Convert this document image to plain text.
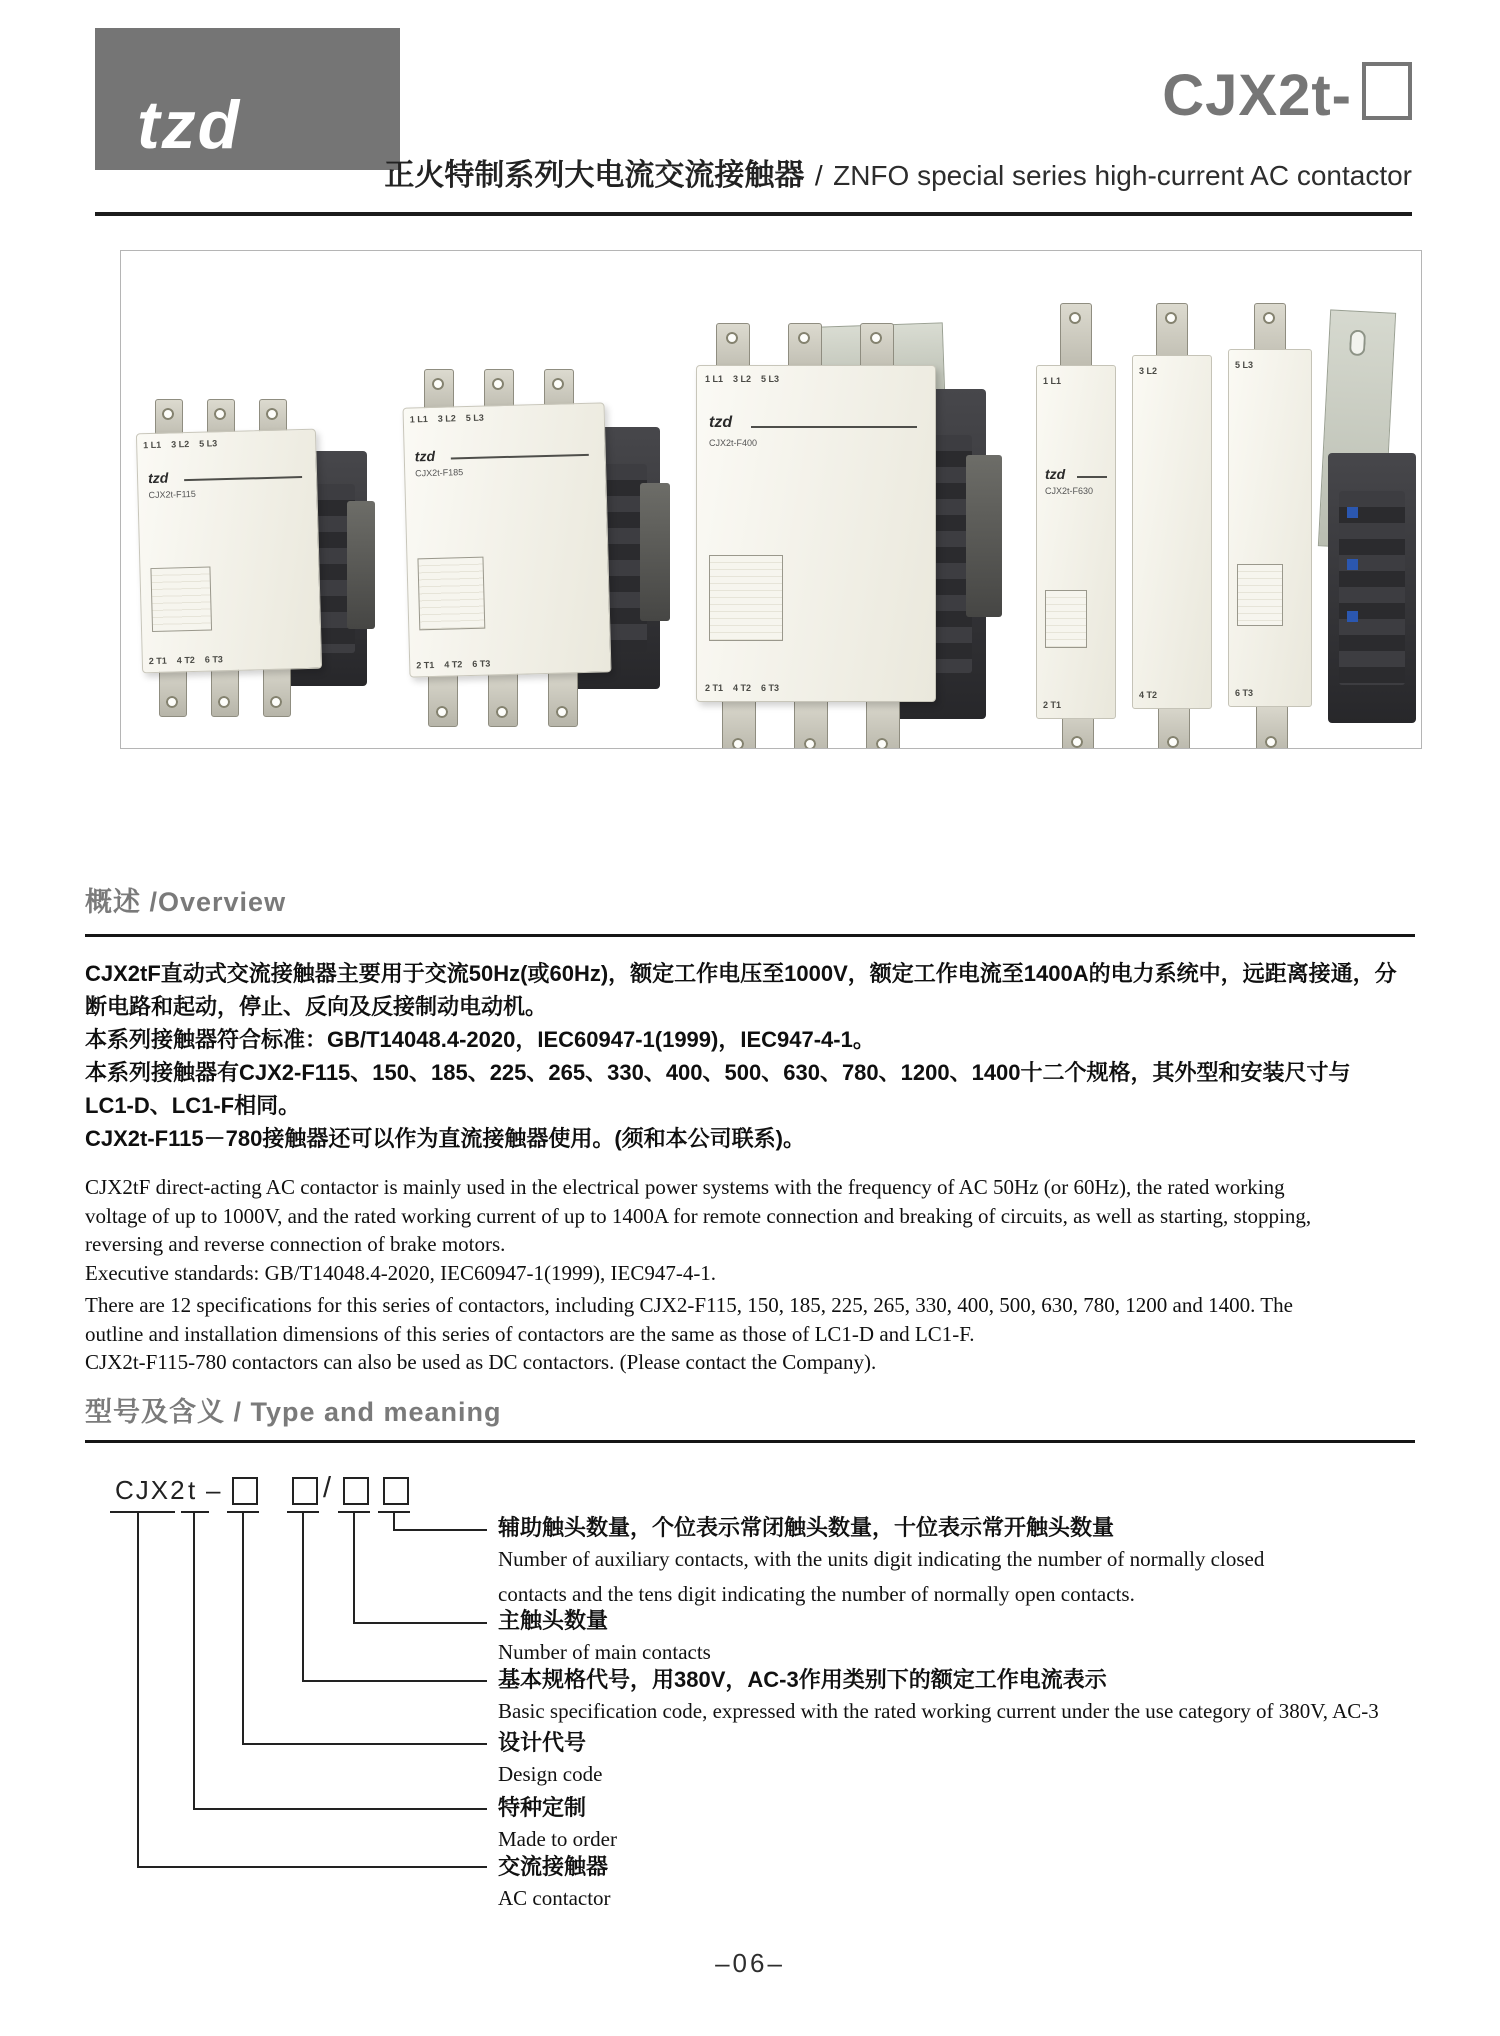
tzd	CJX2t-
正火特制系列大电流交流接触器 / ZNFO special series high-current AC contactor
1 L1    3 L2    5 L3
tzd
CJX2t-F115
2 T1    4 T2    6 T3
1 L1    3 L2    5 L3
tzd
CJX2t-F185
2 T1    4 T2    6 T3
1 L1    3 L2    5 L3
tzd
CJX2t-F400
2 T1    4 T2    6 T3
1 L1
tzd
CJX2t-F630
2 T1
3 L2
4 T2
5 L3
6 T3
概述 /Overview
CJX2tF直动式交流接触器主要用于交流50Hz(或60Hz)，额定工作电压至1000V，额定工作电流至1400A的电力系统中，远距离接通，分
断电路和起动，停止、反向及反接制动电动机。
本系列接触器符合标准：GB/T14048.4-2020，IEC60947-1(1999)，IEC947-4-1。
本系列接触器有CJX2-F115、150、185、225、265、330、400、500、630、780、1200、1400十二个规格，其外型和安装尺寸与
LC1-D、LC1-F相同。
CJX2t-F115－780接触器还可以作为直流接触器使用。(须和本公司联系)。
CJX2tF direct-acting AC contactor is mainly used in the electrical power systems with the frequency of AC 50Hz (or 60Hz), the rated working
voltage of up to 1000V, and the rated working current of up to 1400A for remote connection and breaking of circuits, as well as starting, stopping,
reversing and reverse connection of brake motors.
Executive standards: GB/T14048.4-2020, IEC60947-1(1999), IEC947-4-1.
There are 12 specifications for this series of contactors, including CJX2-F115, 150, 185, 225, 265, 330, 400, 500, 630, 780, 1200 and 1400. The
outline and installation dimensions of this series of contactors are the same as those of LC1-D and LC1-F.
CJX2t-F115-780 contactors can also be used as DC contactors. (Please contact the Company).
型号及含义 / Type and meaning
CJX2 t –	/
辅助触头数量，个位表示常闭触头数量，十位表示常开触头数量
Number of auxiliary contacts, with the units digit indicating the number of normally closed
contacts and the tens digit indicating the number of normally open contacts.
主触头数量
Number of main contacts
基本规格代号，用380V，AC-3作用类别下的额定工作电流表示
Basic specification code, expressed with the rated working current under the use category of 380V, AC-3
设计代号
Design code
特种定制
Made to order
交流接触器
AC contactor
–06–
